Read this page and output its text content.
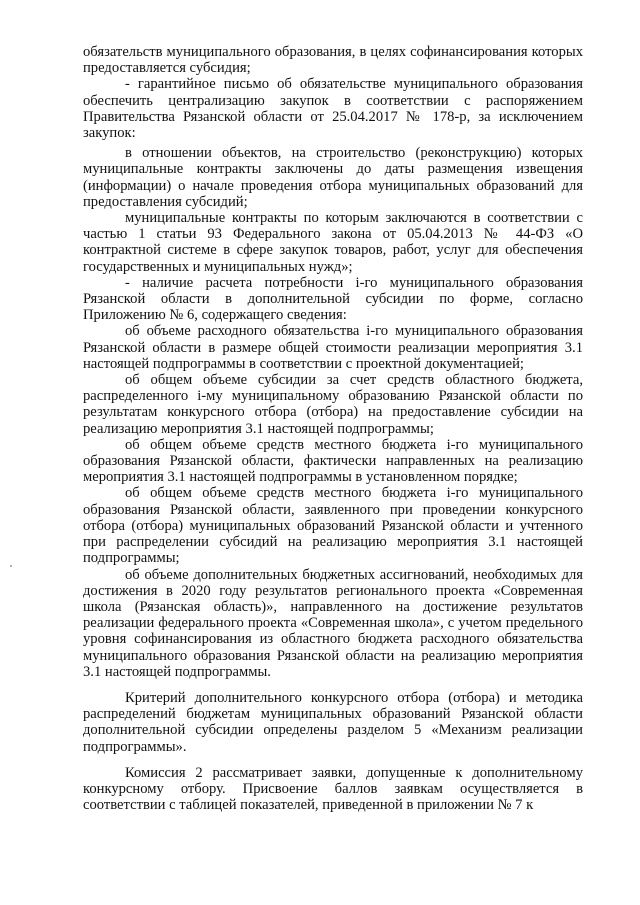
обязательств муниципального образования, в целях софинансирования которых предоставляется субсидия;

- гарантийное письмо об обязательстве муниципального образования обеспечить централизацию закупок в соответствии с распоряжением Правительства Рязанской области от 25.04.2017 № 178-р, за исключением закупок:

в отношении объектов, на строительство (реконструкцию) которых муниципальные контракты заключены до даты размещения извещения (информации) о начале проведения отбора муниципальных образований для предоставления субсидий;

муниципальные контракты по которым заключаются в соответствии с частью 1 статьи 93 Федерального закона от 05.04.2013 № 44-ФЗ «О контрактной системе в сфере закупок товаров, работ, услуг для обеспечения государственных и муниципальных нужд»;

- наличие расчета потребности i-го муниципального образования Рязанской области в дополнительной субсидии по форме, согласно Приложению № 6, содержащего сведения:

об объеме расходного обязательства i-го муниципального образования Рязанской области в размере общей стоимости реализации мероприятия 3.1 настоящей подпрограммы в соответствии с проектной документацией;

об общем объеме субсидии за счет средств областного бюджета, распределенного i-му муниципальному образованию Рязанской области по результатам конкурсного отбора (отбора) на предоставление субсидии на реализацию мероприятия 3.1 настоящей подпрограммы;

об общем объеме средств местного бюджета i-го муниципального образования Рязанской области, фактически направленных на реализацию мероприятия 3.1 настоящей подпрограммы в установленном порядке;

об общем объеме средств местного бюджета i-го муниципального образования Рязанской области, заявленного при проведении конкурсного отбора (отбора) муниципальных образований Рязанской области и учтенного при распределении субсидий на реализацию мероприятия 3.1 настоящей подпрограммы;

об объеме дополнительных бюджетных ассигнований, необходимых для достижения в 2020 году результатов регионального проекта «Современная школа (Рязанская область)», направленного на достижение результатов реализации федерального проекта «Современная школа», с учетом предельного уровня софинансирования из областного бюджета расходного обязательства муниципального образования Рязанской области на реализацию мероприятия 3.1 настоящей подпрограммы.

Критерий дополнительного конкурсного отбора (отбора) и методика распределений бюджетам муниципальных образований Рязанской области дополнительной субсидии определены разделом 5 «Механизм реализации подпрограммы».

Комиссия 2 рассматривает заявки, допущенные к дополнительному конкурсному отбору. Присвоение баллов заявкам осуществляется в соответствии с таблицей показателей, приведенной в приложении № 7 к
